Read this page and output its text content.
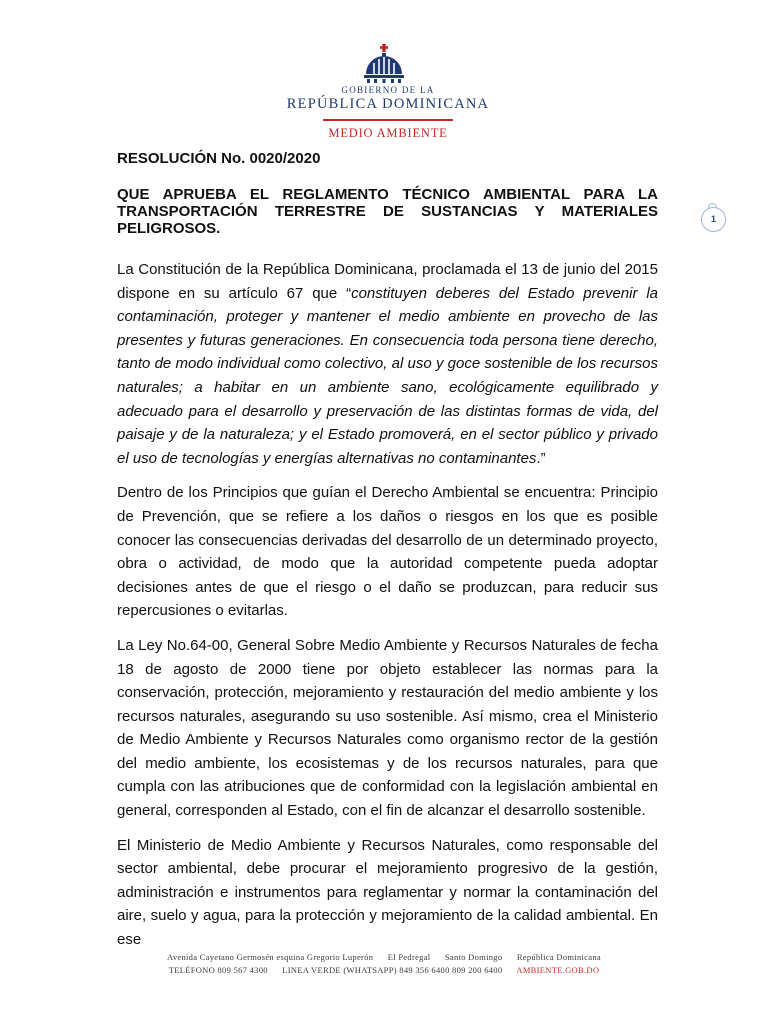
GOBIERNO DE LA
REPÚBLICA DOMINICANA
MEDIO AMBIENTE

RESOLUCIÓN No. 0020/2020

QUE APRUEBA EL REGLAMENTO TÉCNICO AMBIENTAL PARA LA TRANSPORTACIÓN TERRESTRE DE SUSTANCIAS Y MATERIALES PELIGROSOS.

La Constitución de la República Dominicana, proclamada el 13 de junio del 2015 dispone en su artículo 67 que “constituyen deberes del Estado prevenir la contaminación, proteger y mantener el medio ambiente en provecho de las presentes y futuras generaciones. En consecuencia toda persona tiene derecho, tanto de modo individual como colectivo, al uso y goce sostenible de los recursos naturales; a habitar en un ambiente sano, ecológicamente equilibrado y adecuado para el desarrollo y preservación de las distintas formas de vida, del paisaje y de la naturaleza; y el Estado promoverá, en el sector público y privado el uso de tecnologías y energías alternativas no contaminantes.”

Dentro de los Principios que guían el Derecho Ambiental se encuentra: Principio de Prevención, que se refiere a los daños o riesgos en los que es posible conocer las consecuencias derivadas del desarrollo de un determinado proyecto, obra o actividad, de modo que la autoridad competente pueda adoptar decisiones antes de que el riesgo o el daño se produzcan, para reducir sus repercusiones o evitarlas.

La Ley No.64-00, General Sobre Medio Ambiente y Recursos Naturales de fecha 18 de agosto de 2000 tiene por objeto establecer las normas para la conservación, protección, mejoramiento y restauración del medio ambiente y los recursos naturales, asegurando su uso sostenible. Así mismo, crea el Ministerio de Medio Ambiente y Recursos Naturales como organismo rector de la gestión del medio ambiente, los ecosistemas y de los recursos naturales, para que cumpla con las atribuciones que de conformidad con la legislación ambiental en general, corresponden al Estado, con el fin de alcanzar el desarrollo sostenible.

El Ministerio de Medio Ambiente y Recursos Naturales, como responsable del sector ambiental, debe procurar el mejoramiento progresivo de la gestión, administración e instrumentos para reglamentar y normar la contaminación del aire, suelo y agua, para la protección y mejoramiento de la calidad ambiental. En ese

1
Avenida Cayetano Germosén esquina Gregorio Luperón El Pedregal Santo Domingo República Dominicana
TELÉFONO 809 567 4300 LINEA VERDE (WHATSAPP) 849 356 6400 809 200 6400 AMBIENTE.GOB.DO
